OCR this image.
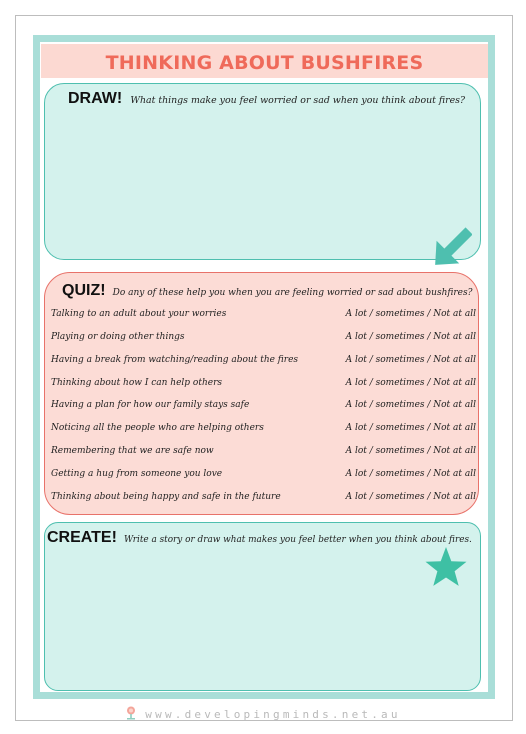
THINKING ABOUT BUSHFIRES
DRAW! What things make you feel worried or sad when you think about fires?
QUIZ! Do any of these help you when you are feeling worried or sad about bushfires?
Talking to an adult about your worries	A lot / sometimes / Not at all
Playing or doing other things	A lot / sometimes / Not at all
Having a break from watching/reading about the fires	A lot / sometimes / Not at all
Thinking about how I can help others	A lot / sometimes / Not at all
Having a plan for how our family stays safe	A lot / sometimes / Not at all
Noticing all the people who are helping others	A lot / sometimes / Not at all
Remembering that we are safe now	A lot / sometimes / Not at all
Getting a hug from someone you love	A lot / sometimes / Not at all
Thinking about being happy and safe in the future	A lot / sometimes / Not at all
CREATE! Write a story or draw what makes you feel better when you think about fires.
www.developingminds.net.au
